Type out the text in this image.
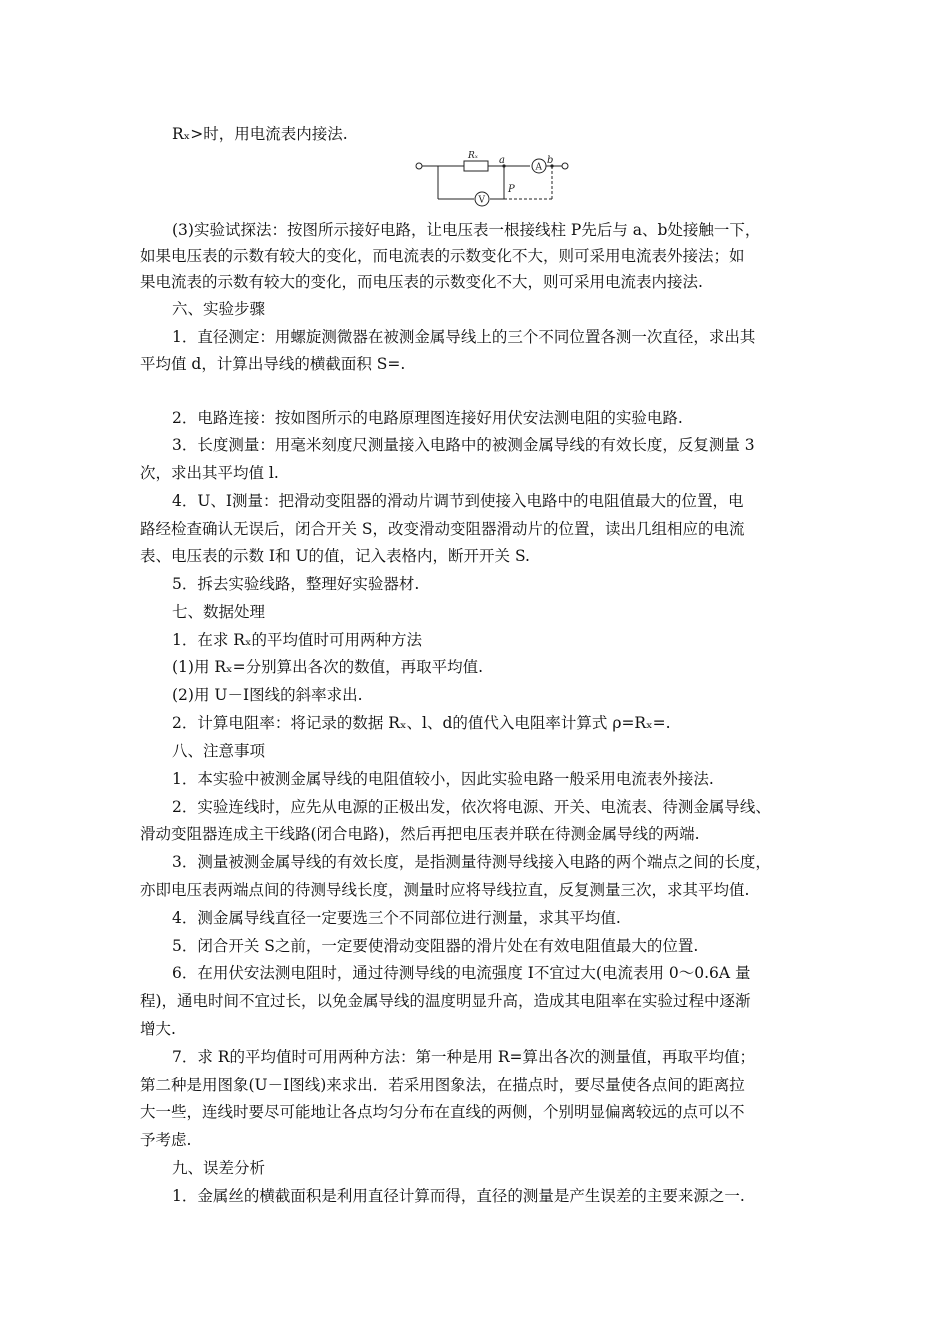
Rₓ>时，用电流表内接法.
Rₓ a	b
A
V
P
(3)实验试探法：按图所示接好电路，让电压表一根接线柱 P先后与 a、b处接触一下，
如果电压表的示数有较大的变化，而电流表的示数变化不大，则可采用电流表外接法；如
果电流表的示数有较大的变化，而电压表的示数变化不大，则可采用电流表内接法.
六、实验步骤
1．直径测定：用螺旋测微器在被测金属导线上的三个不同位置各测一次直径，求出其
平均值 d，计算出导线的横截面积 S=.
2．电路连接：按如图所示的电路原理图连接好用伏安法测电阻的实验电路.
3．长度测量：用毫米刻度尺测量接入电路中的被测金属导线的有效长度，反复测量 3
次，求出其平均值 l.
4．U、I测量：把滑动变阻器的滑动片调节到使接入电路中的电阻值最大的位置，电
路经检查确认无误后，闭合开关 S，改变滑动变阻器滑动片的位置，读出几组相应的电流
表、电压表的示数 I和 U的值，记入表格内，断开开关 S.
5．拆去实验线路，整理好实验器材.
七、数据处理
1．在求 Rₓ的平均值时可用两种方法
(1)用 Rₓ=分别算出各次的数值，再取平均值.
(2)用 U－I图线的斜率求出.
2．计算电阻率：将记录的数据 Rₓ、l、d的值代入电阻率计算式 ρ=Rₓ=.
八、注意事项
1．本实验中被测金属导线的电阻值较小，因此实验电路一般采用电流表外接法.
2．实验连线时，应先从电源的正极出发，依次将电源、开关、电流表、待测金属导线、
滑动变阻器连成主干线路(闭合电路)，然后再把电压表并联在待测金属导线的两端.
3．测量被测金属导线的有效长度，是指测量待测导线接入电路的两个端点之间的长度，
亦即电压表两端点间的待测导线长度，测量时应将导线拉直，反复测量三次，求其平均值.
4．测金属导线直径一定要选三个不同部位进行测量，求其平均值.
5．闭合开关 S之前，一定要使滑动变阻器的滑片处在有效电阻值最大的位置.
6．在用伏安法测电阻时，通过待测导线的电流强度 I不宜过大(电流表用 0～0.6A 量
程)，通电时间不宜过长，以免金属导线的温度明显升高，造成其电阻率在实验过程中逐渐
增大.
7．求 R的平均值时可用两种方法：第一种是用 R=算出各次的测量值，再取平均值；
第二种是用图象(U－I图线)来求出．若采用图象法，在描点时，要尽量使各点间的距离拉
大一些，连线时要尽可能地让各点均匀分布在直线的两侧，个别明显偏离较远的点可以不
予考虑.
九、误差分析
1．金属丝的横截面积是利用直径计算而得，直径的测量是产生误差的主要来源之一.
